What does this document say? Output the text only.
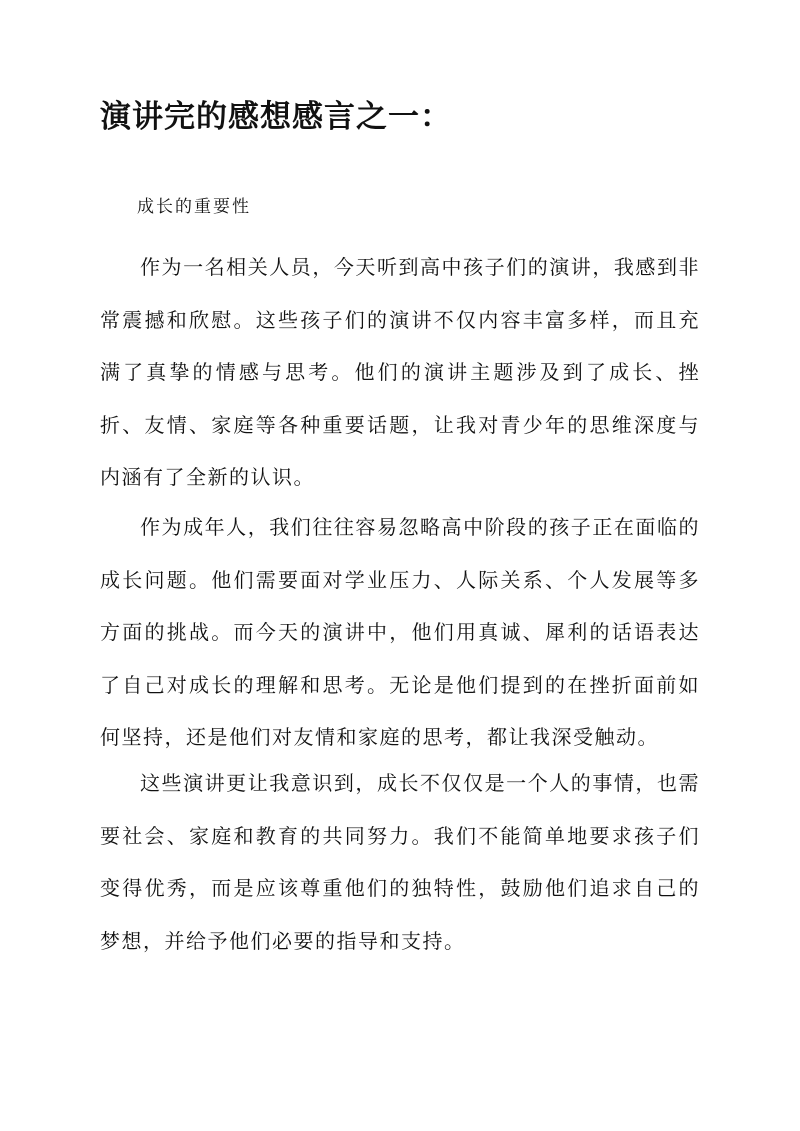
演讲完的感想感言之一：

成长的重要性

作为一名相关人员，今天听到高中孩子们的演讲，我感到非常震撼和欣慰。这些孩子们的演讲不仅内容丰富多样，而且充满了真挚的情感与思考。他们的演讲主题涉及到了成长、挫折、友情、家庭等各种重要话题，让我对青少年的思维深度与内涵有了全新的认识。

作为成年人，我们往往容易忽略高中阶段的孩子正在面临的成长问题。他们需要面对学业压力、人际关系、个人发展等多方面的挑战。而今天的演讲中，他们用真诚、犀利的话语表达了自己对成长的理解和思考。无论是他们提到的在挫折面前如何坚持，还是他们对友情和家庭的思考，都让我深受触动。

这些演讲更让我意识到，成长不仅仅是一个人的事情，也需要社会、家庭和教育的共同努力。我们不能简单地要求孩子们变得优秀，而是应该尊重他们的独特性，鼓励他们追求自己的梦想，并给予他们必要的指导和支持。
